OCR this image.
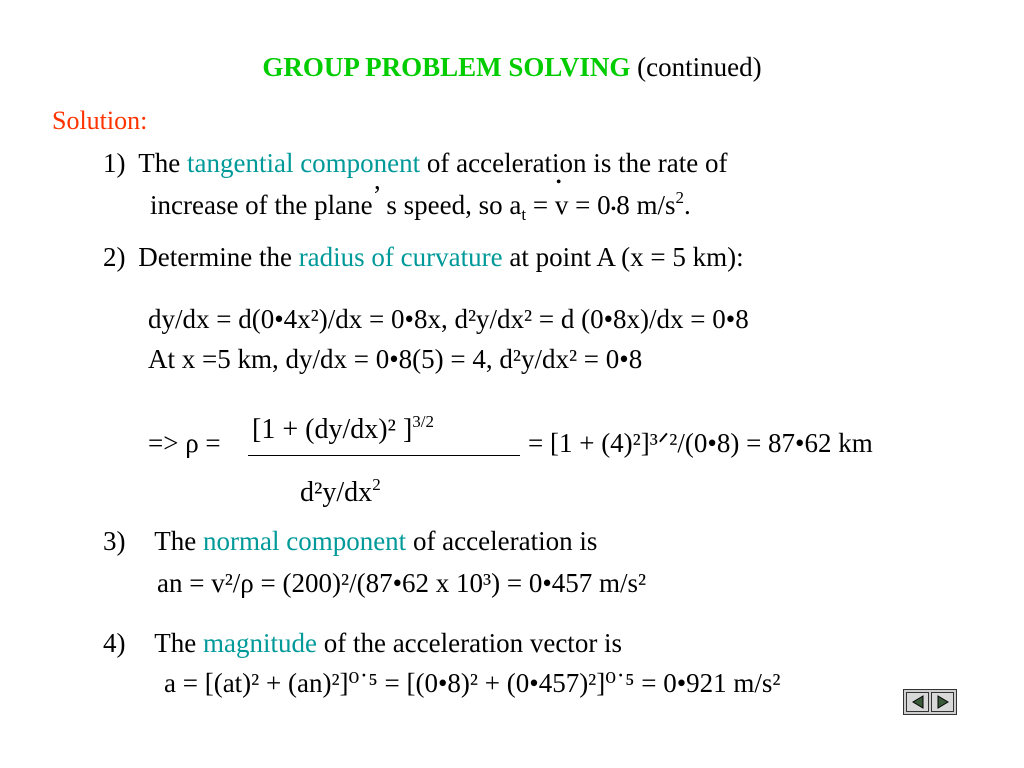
GROUP PROBLEM SOLVING (continued)
Solution:
1) The tangential component of acceleration is the rate of
increase of the plane’ s speed, so $a_t$ = • v = 0•8 $m/s^2$.
2) Determine the radius of curvature at point A (x = 5 km):
dy/dx = d(0•4x²)/dx = 0•8x, d²y/dx² = d (0•8x)/dx = 0•8
At x =5 km, dy/dx = 0•8(5) = 4, d²y/dx² = 0•8
[1 + (dy/dx)² ]$^{3/2}$
=> ρ =	= [1 + (4)²]³ᐟ²/(0•8) = 87•62 km
d²y/$dx^2$
3) The normal component of acceleration is
an = v²/ρ = (200)²/(87•62 x 10³) = 0•457 m/s²
4) The magnitude of the acceleration vector is
a = [(at)² + (an)²]⁰˙⁵ = [(0•8)² + (0•457)²]⁰˙⁵ = 0•921 m/s²
